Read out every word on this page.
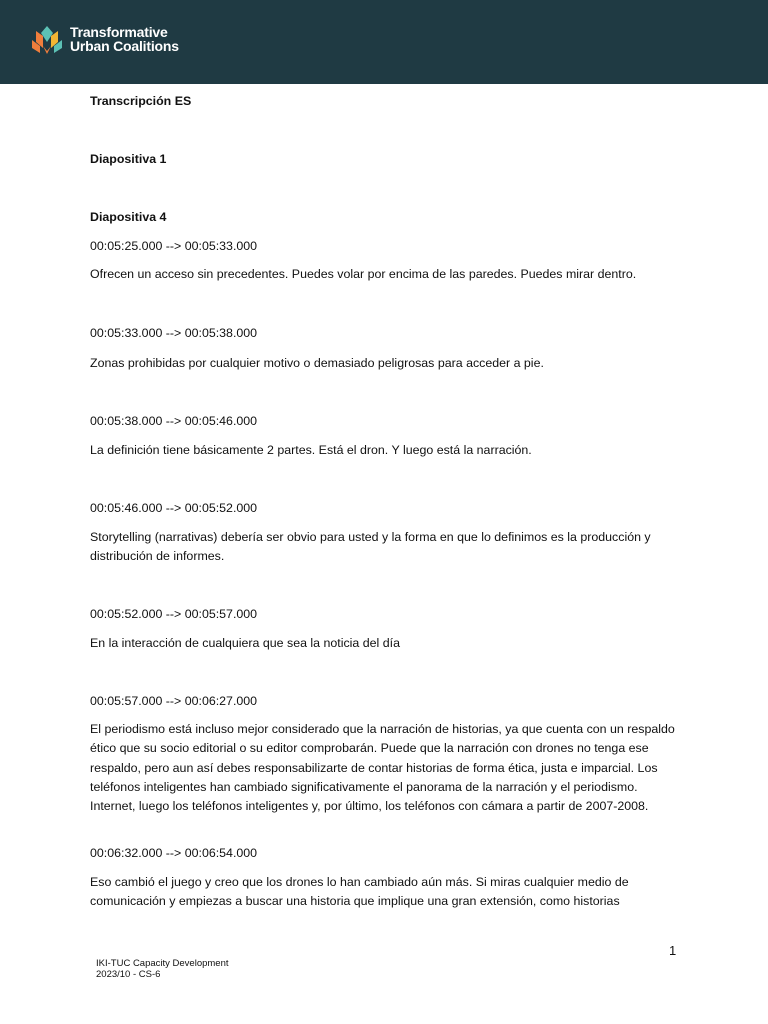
Transformative
Urban Coalitions
Transcripción ES
Diapositiva 1
Diapositiva 4
00:05:25.000 --> 00:05:33.000
Ofrecen un acceso sin precedentes. Puedes volar por encima de las paredes. Puedes mirar dentro.
00:05:33.000 --> 00:05:38.000
Zonas prohibidas por cualquier motivo o demasiado peligrosas para acceder a pie.
00:05:38.000 --> 00:05:46.000
La definición tiene básicamente 2 partes. Está el dron. Y luego está la narración.
00:05:46.000 --> 00:05:52.000
Storytelling (narrativas) debería ser obvio para usted y la forma en que lo definimos es la producción y distribución de informes.
00:05:52.000 --> 00:05:57.000
En la interacción de cualquiera que sea la noticia del día
00:05:57.000 --> 00:06:27.000
El periodismo está incluso mejor considerado que la narración de historias, ya que cuenta con un respaldo ético que su socio editorial o su editor comprobarán. Puede que la narración con drones no tenga ese respaldo, pero aun así debes responsabilizarte de contar historias de forma ética, justa e imparcial. Los teléfonos inteligentes han cambiado significativamente el panorama de la narración y el periodismo. Internet, luego los teléfonos inteligentes y, por último, los teléfonos con cámara a partir de 2007-2008.
00:06:32.000 --> 00:06:54.000
Eso cambió el juego y creo que los drones lo han cambiado aún más. Si miras cualquier medio de comunicación y empiezas a buscar una historia que implique una gran extensión, como historias
1
IKI-TUC Capacity Development
2023/10 - CS-6
